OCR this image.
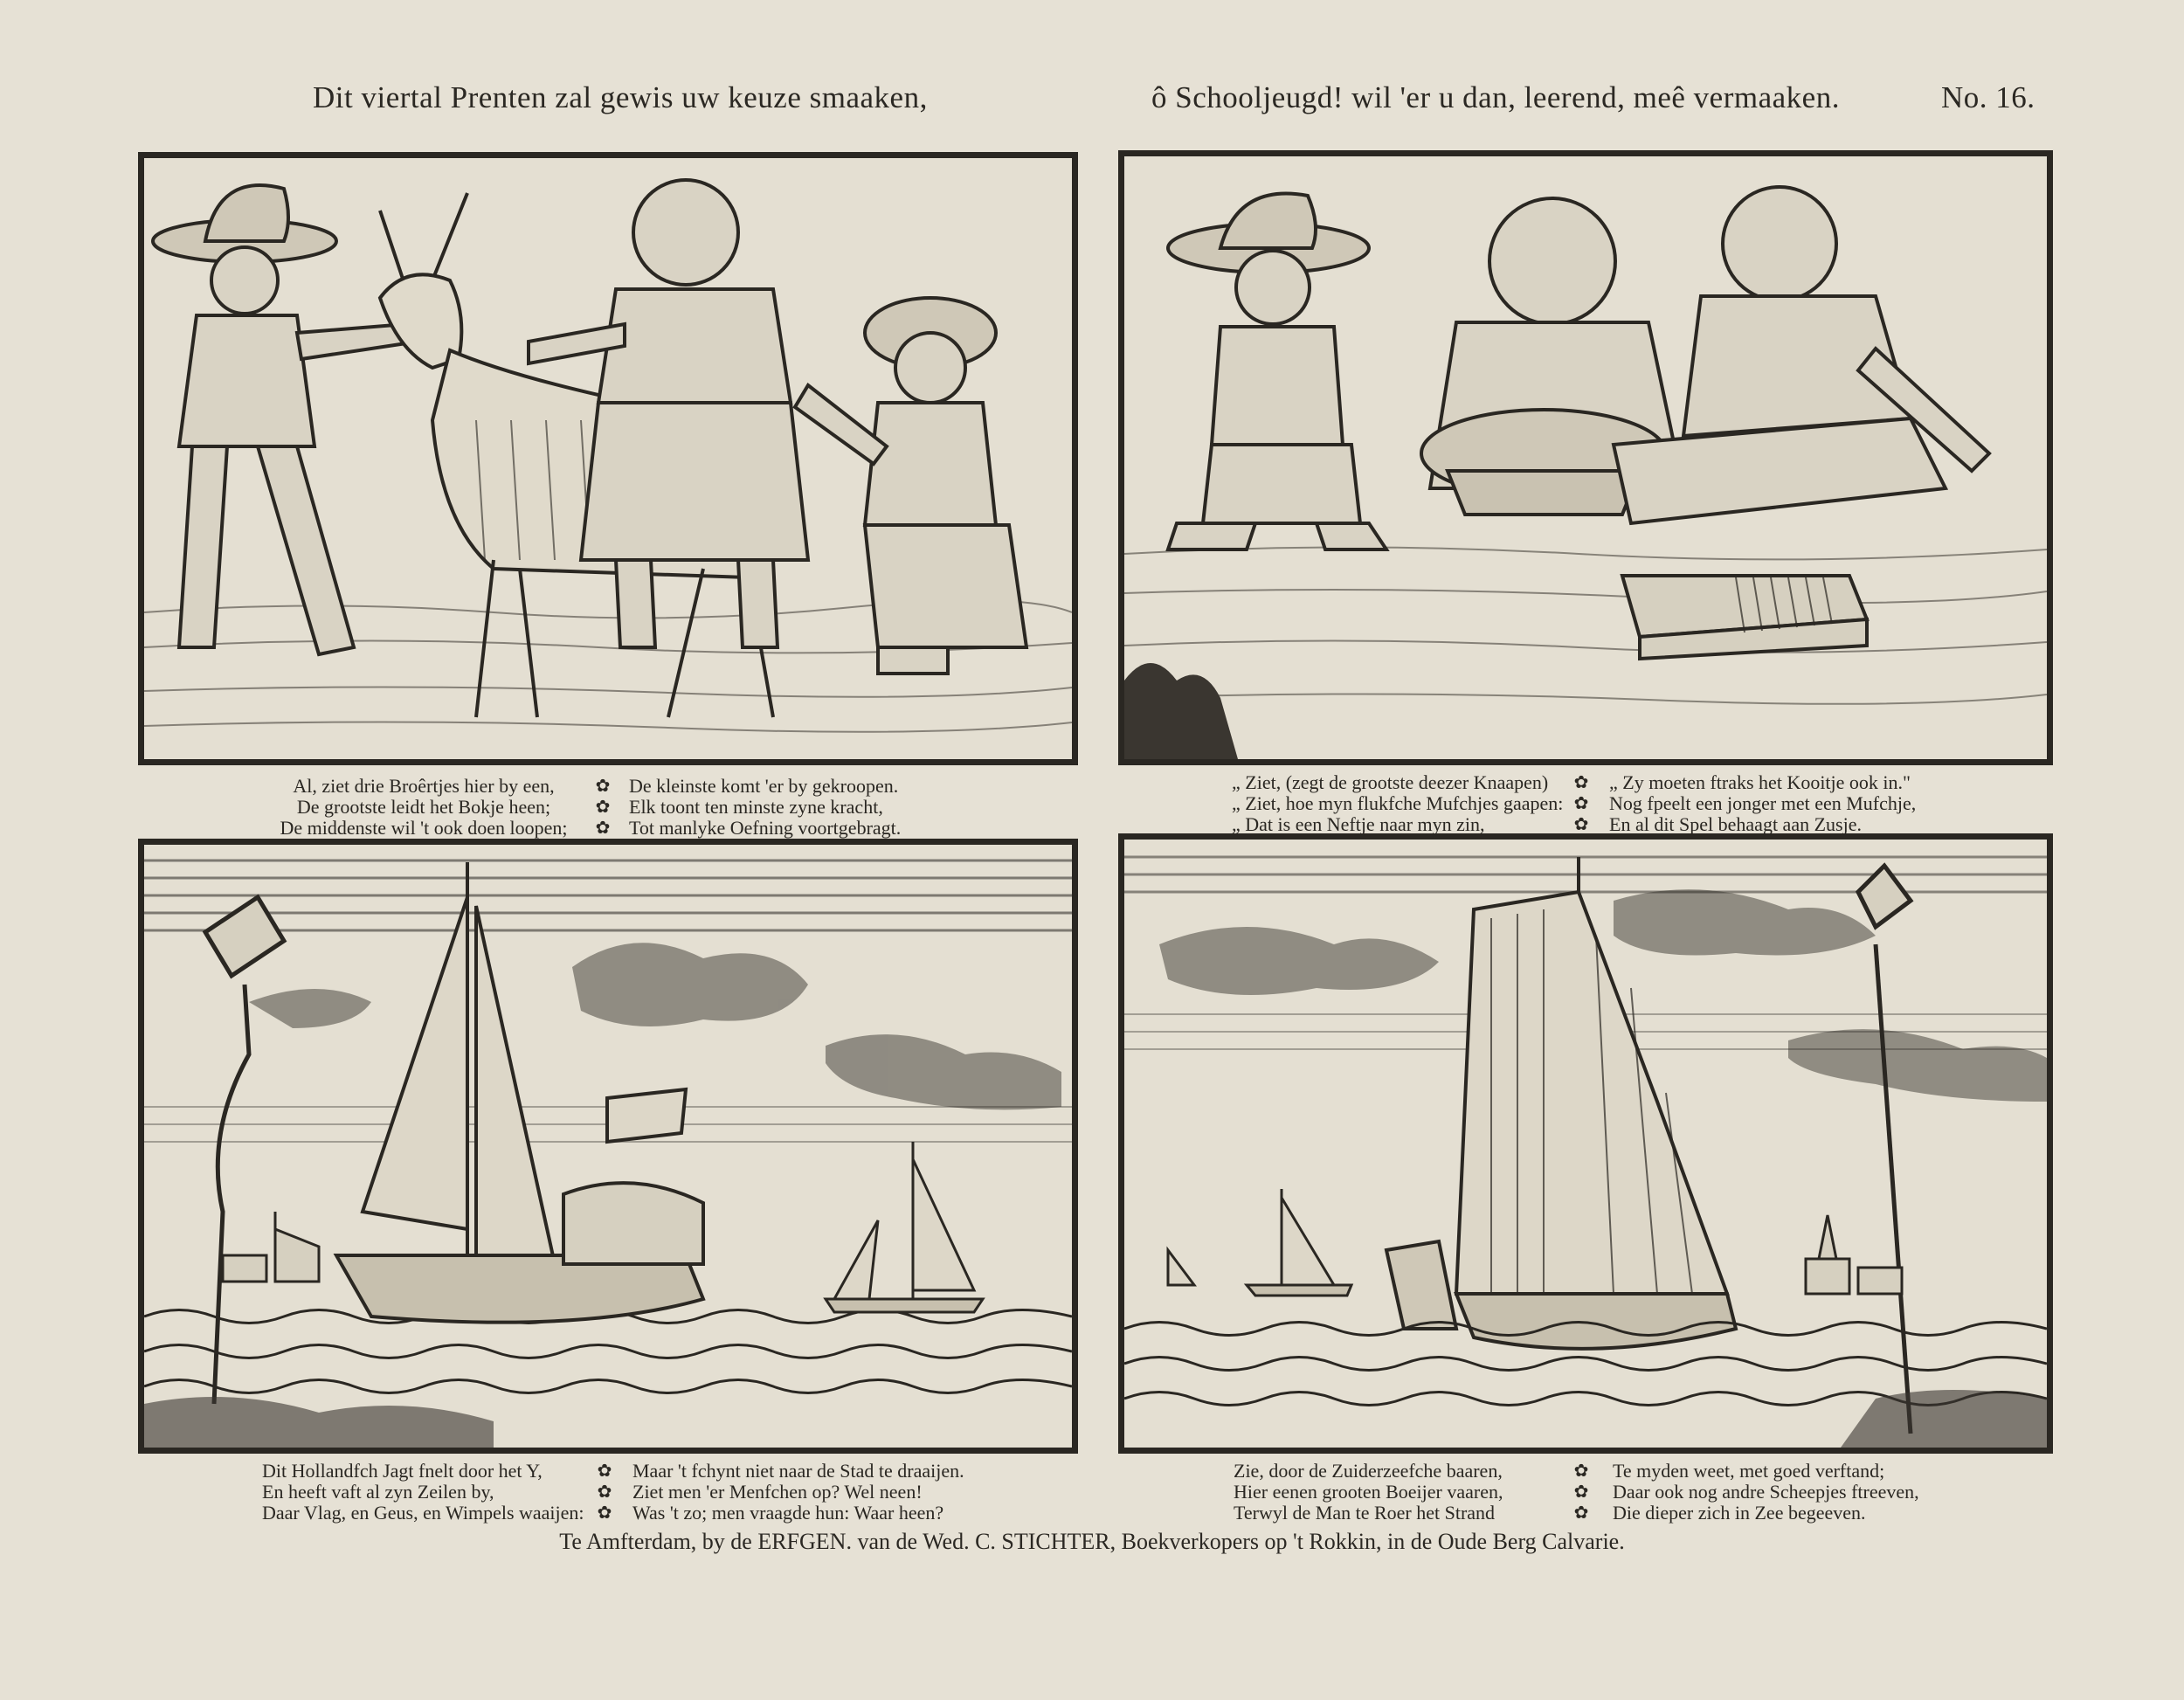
Dit viertal Prenten zal gewis uw keuze smaaken,	ô Schooljeugd! wil 'er u dan, leerend, meê vermaaken.	No. 16.
Al, ziet drie Broêrtjes hier by een,
De grootste leidt het Bokje heen;
De middenste wil 't ook doen loopen;
✿
✿
✿
De kleinste komt 'er by gekroopen.
Elk toont ten minste zyne kracht,
Tot manlyke Oefning voortgebragt.
„ Ziet, (zegt de grootste deezer Knaapen)
„ Ziet, hoe myn flukfche Mufchjes gaapen:
„ Dat is een Neftje naar myn zin,
✿
✿
✿
„ Zy moeten ftraks het Kooitje ook in."
Nog fpeelt een jonger met een Mufchje,
En al dit Spel behaagt aan Zusje.
Dit Hollandfch Jagt fnelt door het Y,
En heeft vaft al zyn Zeilen by,
Daar Vlag, en Geus, en Wimpels waaijen:
✿
✿
✿
Maar 't fchynt niet naar de Stad te draaijen.
Ziet men 'er Menfchen op? Wel neen!
Was 't zo; men vraagde hun: Waar heen?
Zie, door de Zuiderzeefche baaren,
Hier eenen grooten Boeijer vaaren,
Terwyl de Man te Roer het Strand
✿
✿
✿
Te myden weet, met goed verftand;
Daar ook nog andre Scheepjes ftreeven,
Die dieper zich in Zee begeeven.
Te Amfterdam, by de ERFGEN. van de Wed. C. STICHTER, Boekverkopers op 't Rokkin, in de Oude Berg Calvarie.
